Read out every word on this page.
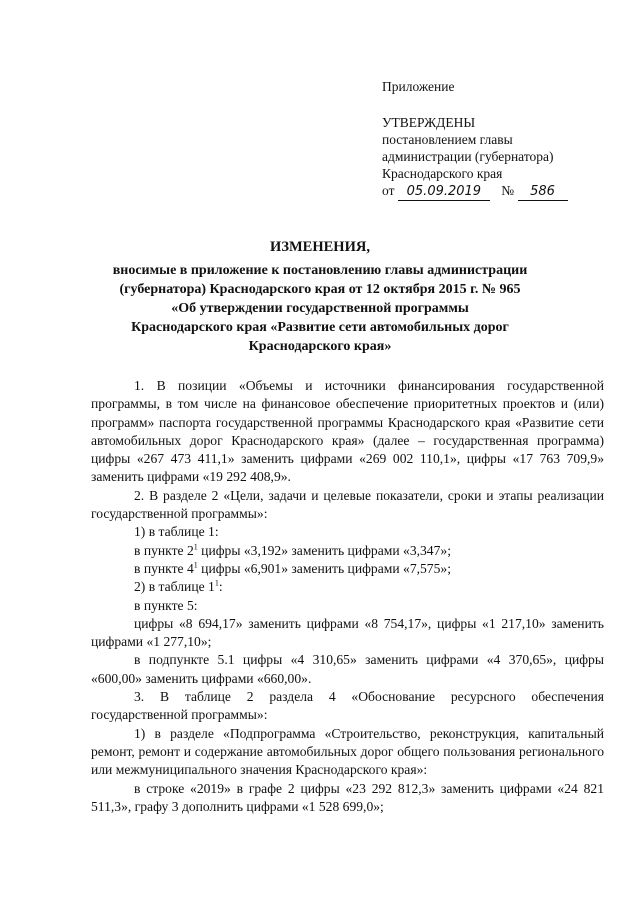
Приложение
УТВЕРЖДЕНЫ
постановлением главы
администрации (губернатора)
Краснодарского края
от 05.09.2019 № 586
ИЗМЕНЕНИЯ,
вносимые в приложение к постановлению главы администрации
(губернатора) Краснодарского края от 12 октября 2015 г. № 965
«Об утверждении государственной программы
Краснодарского края «Развитие сети автомобильных дорог
Краснодарского края»

1. В позиции «Объемы и источники финансирования государственной программы, в том числе на финансовое обеспечение приоритетных проектов и (или) программ» паспорта государственной программы Краснодарского края «Развитие сети автомобильных дорог Краснодарского края» (далее – государственная программа) цифры «267 473 411,1» заменить цифрами «269 002 110,1», цифры «17 763 709,9» заменить цифрами «19 292 408,9».

2. В разделе 2 «Цели, задачи и целевые показатели, сроки и этапы реализации государственной программы»:

1) в таблице 1:

в пункте $2^1$ цифры «3,192» заменить цифрами «3,347»;

в пункте $4^1$ цифры «6,901» заменить цифрами «7,575»;

2) в таблице $1^1$:

в пункте 5:

цифры «8 694,17» заменить цифрами «8 754,17», цифры «1 217,10» заменить цифрами «1 277,10»;

в подпункте 5.1 цифры «4 310,65» заменить цифрами «4 370,65», цифры «600,00» заменить цифрами «660,00».

3. В таблице 2 раздела 4 «Обоснование ресурсного обеспечения государственной программы»:

1) в разделе «Подпрограмма «Строительство, реконструкция, капитальный ремонт, ремонт и содержание автомобильных дорог общего пользования регионального или межмуниципального значения Краснодарского края»:

в строке «2019» в графе 2 цифры «23 292 812,3» заменить цифрами «24 821 511,3», графу 3 дополнить цифрами «1 528 699,0»;
